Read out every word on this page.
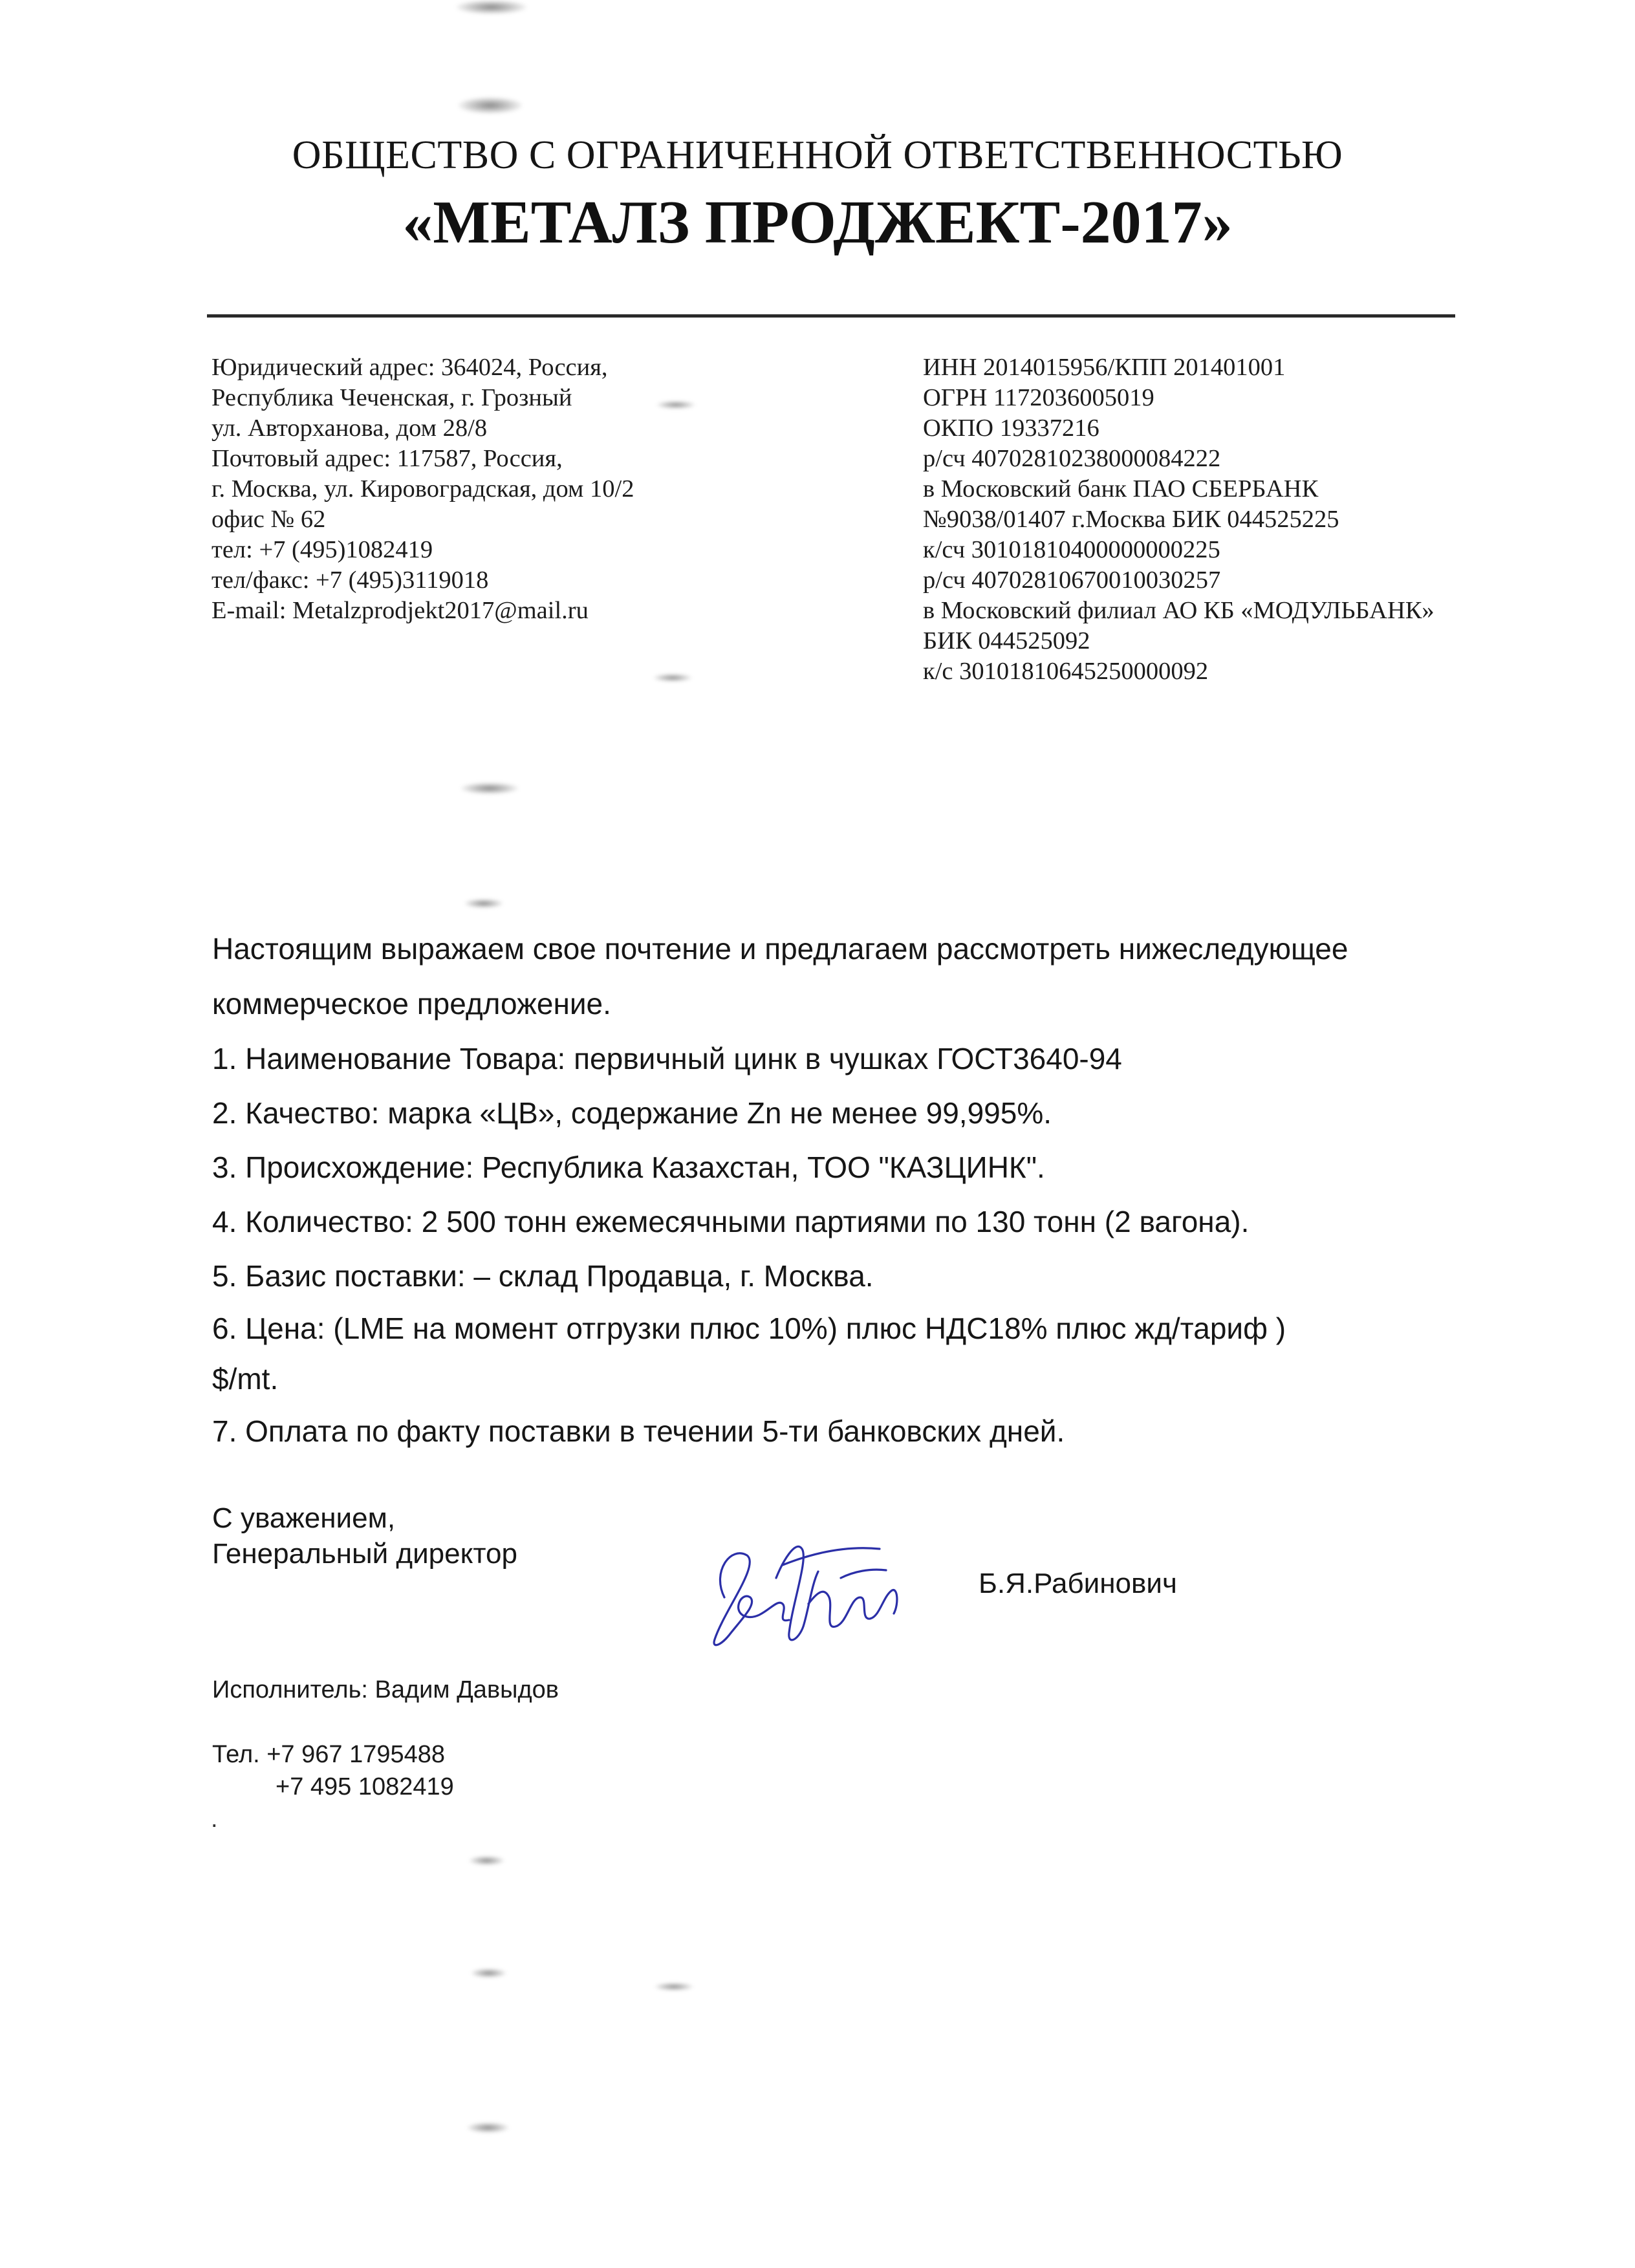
ОБЩЕСТВО С ОГРАНИЧЕННОЙ ОТВЕТСТВЕННОСТЬЮ
«МЕТАЛЗ ПРОДЖЕКТ-2017»
Юридический адрес: 364024, Россия,
Республика Чеченская, г. Грозный
ул. Авторханова, дом 28/8
Почтовый адрес: 117587, Россия,
г. Москва, ул. Кировоградская, дом 10/2
офис № 62
тел: +7 (495)1082419
тел/факс: +7 (495)3119018
E-mail: Metalzprodjekt2017@mail.ru
ИНН 2014015956/КПП 201401001
ОГРН 1172036005019
ОКПО 19337216
р/сч 40702810238000084222
в Московский банк ПАО СБЕРБАНК
№9038/01407 г.Москва БИК 044525225
к/сч 30101810400000000225
р/сч 40702810670010030257
в Московский филиал АО КБ «МОДУЛЬБАНК»
БИК 044525092
к/с 30101810645250000092

Настоящим выражаем свое почтение и предлагаем рассмотреть нижеследующее

коммерческое предложение.

1. Наименование Товара: первичный цинк в чушках ГОСТ3640-94

2. Качество: марка «ЦВ», содержание Zn не менее 99,995%.

3. Происхождение: Республика Казахстан, ТОО "КАЗЦИНК".

4. Количество: 2 500 тонн ежемесячными партиями по 130 тонн (2 вагона).

5. Базис поставки: – склад Продавца, г. Москва.

6. Цена: (LME на момент отгрузки плюс 10%) плюс НДС18% плюс жд/тариф )

$/mt.

7. Оплата по факту поставки в течении 5-ти банковских дней.

С уважением,
Генеральный директор
Б.Я.Рабинович
Исполнитель: Вадим Давыдов
Тел. +7 967 1795488
+7 495 1082419
.
